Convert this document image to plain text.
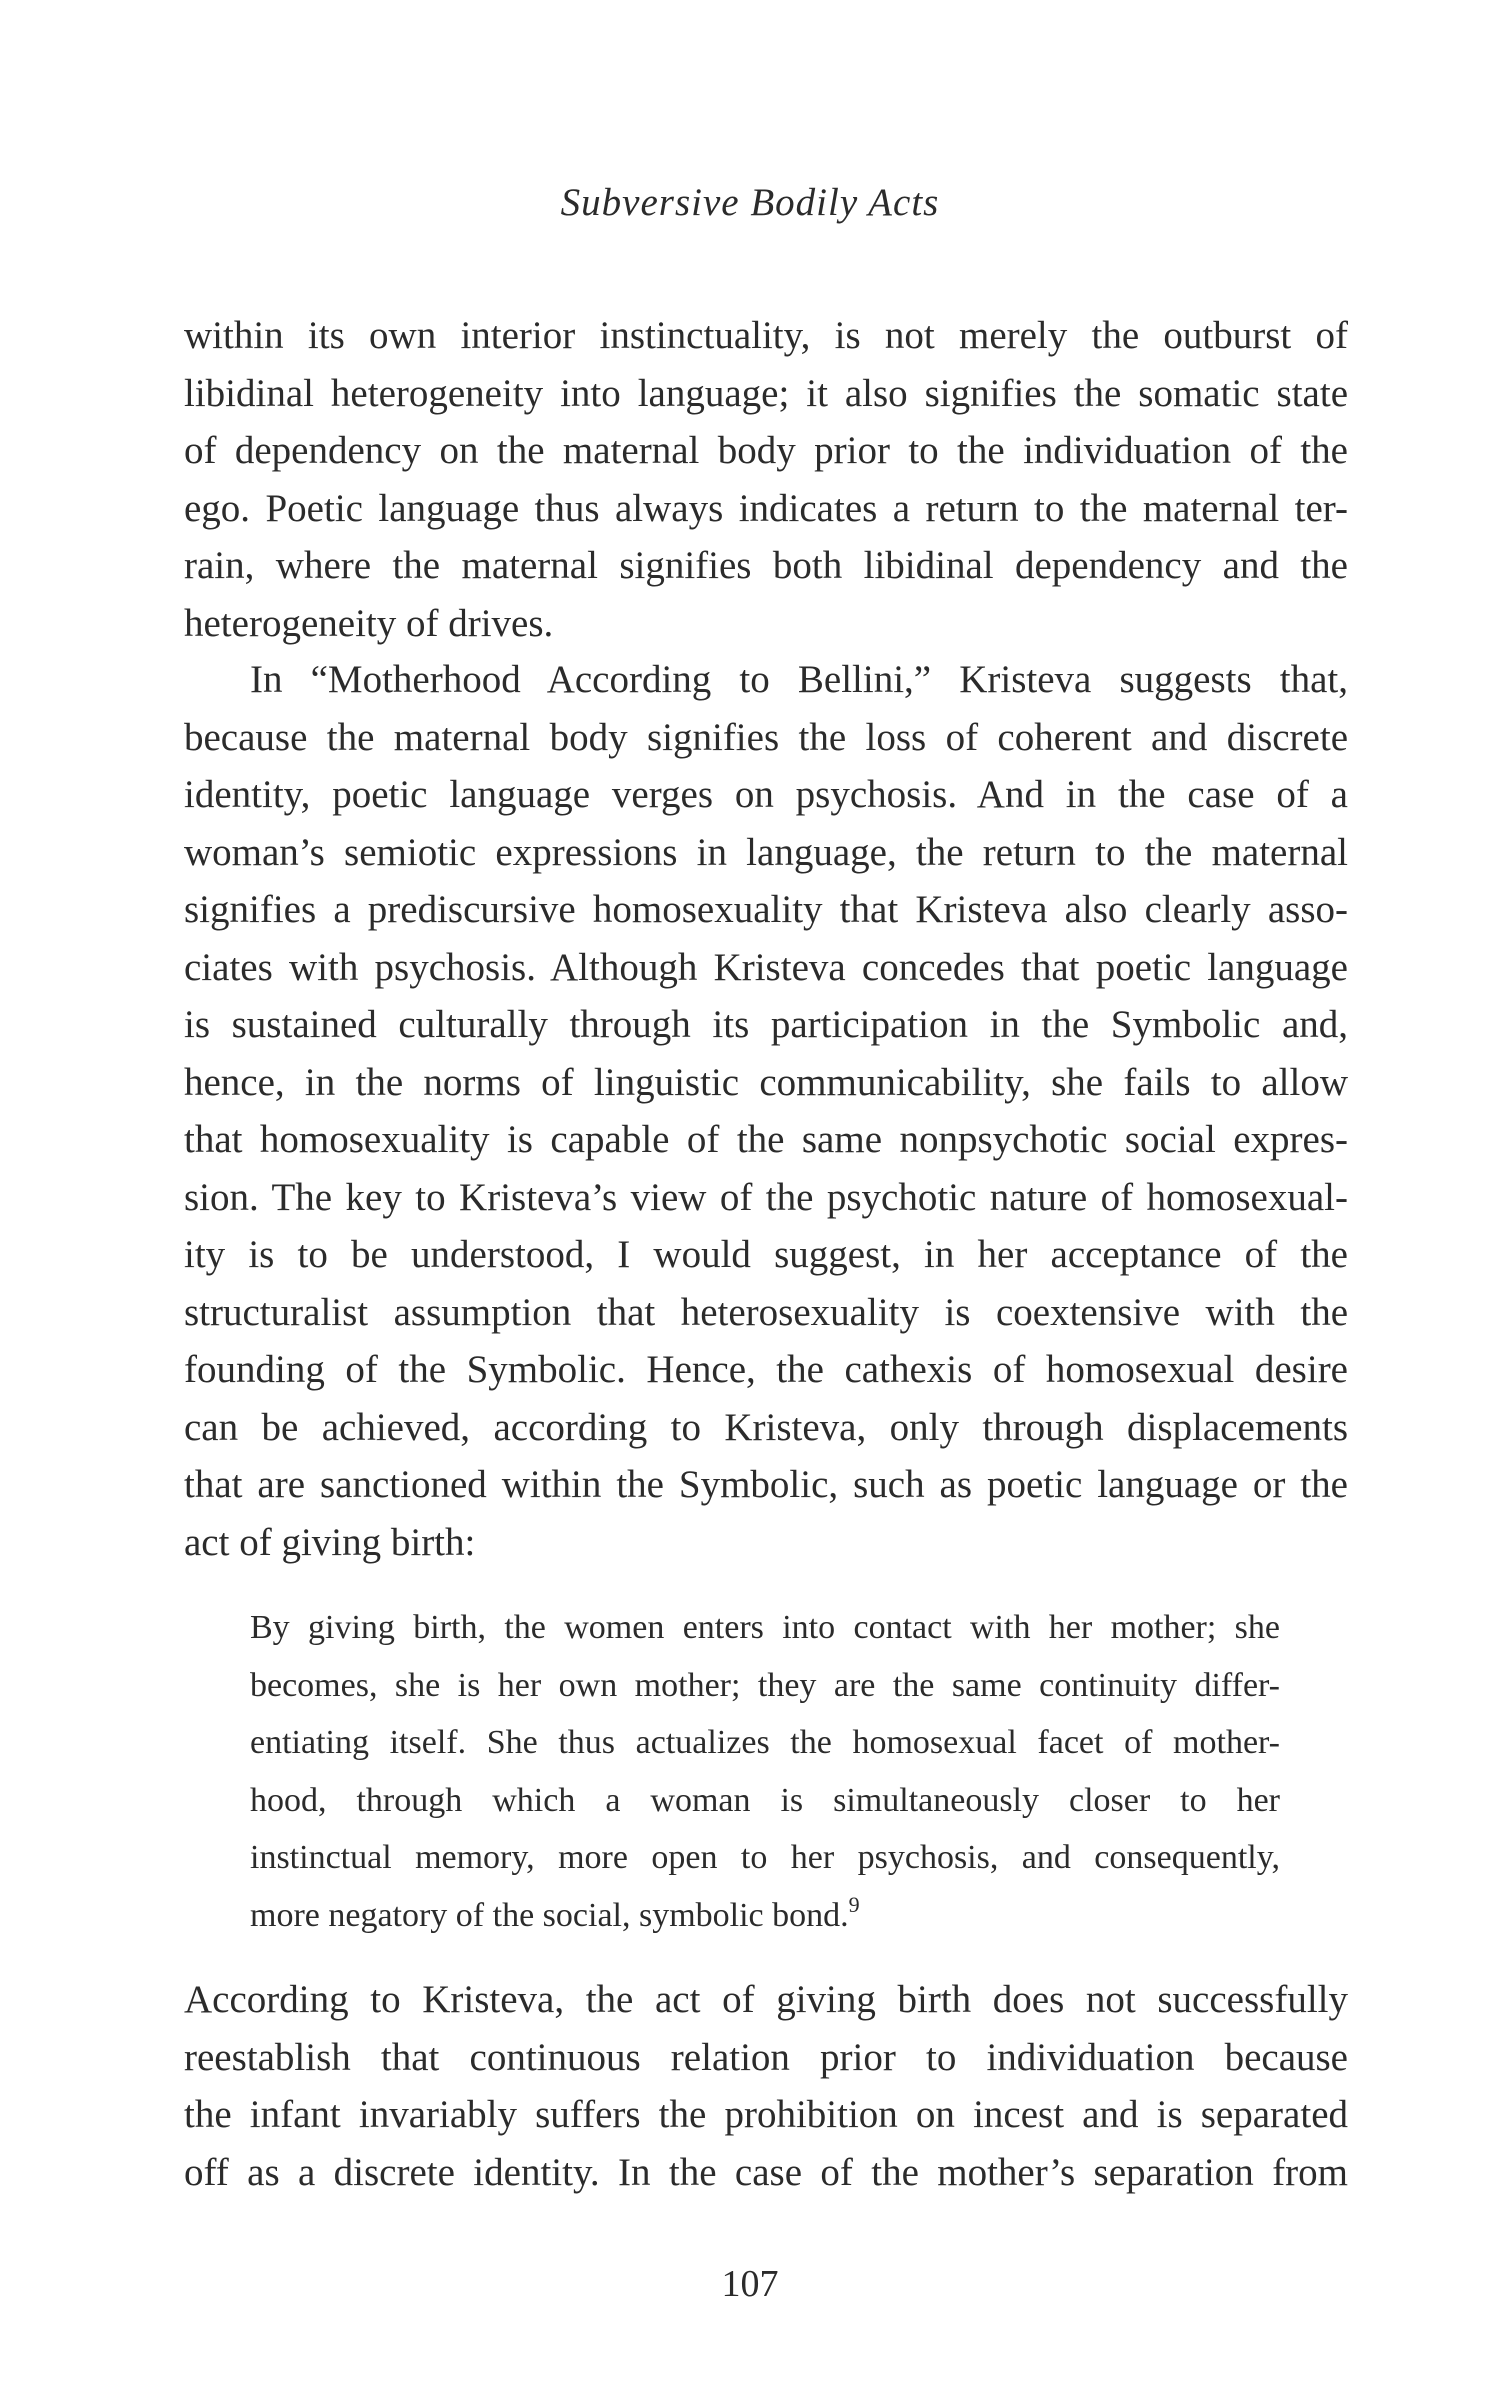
Subversive Bodily Acts
within its own interior instinctuality, is not merely the outburst of
libidinal heterogeneity into language; it also signifies the somatic state
of dependency on the maternal body prior to the individuation of the
ego. Poetic language thus always indicates a return to the maternal ter-
rain, where the maternal signifies both libidinal dependency and the
heterogeneity of drives.
In “Motherhood According to Bellini,” Kristeva suggests that,
because the maternal body signifies the loss of coherent and discrete
identity, poetic language verges on psychosis. And in the case of a
woman’s semiotic expressions in language, the return to the maternal
signifies a prediscursive homosexuality that Kristeva also clearly asso-
ciates with psychosis. Although Kristeva concedes that poetic language
is sustained culturally through its participation in the Symbolic and,
hence, in the norms of linguistic communicability, she fails to allow
that homosexuality is capable of the same nonpsychotic social expres-
sion. The key to Kristeva’s view of the psychotic nature of homosexual-
ity is to be understood, I would suggest, in her acceptance of the
structuralist assumption that heterosexuality is coextensive with the
founding of the Symbolic. Hence, the cathexis of homosexual desire
can be achieved, according to Kristeva, only through displacements
that are sanctioned within the Symbolic, such as poetic language or the
act of giving birth:
By giving birth, the women enters into contact with her mother; she
becomes, she is her own mother; they are the same continuity differ-
entiating itself. She thus actualizes the homosexual facet of mother-
hood, through which a woman is simultaneously closer to her
instinctual memory, more open to her psychosis, and consequently,
more negatory of the social, symbolic bond.$^9$
According to Kristeva, the act of giving birth does not successfully
reestablish that continuous relation prior to individuation because
the infant invariably suffers the prohibition on incest and is separated
off as a discrete identity. In the case of the mother’s separation from
107
